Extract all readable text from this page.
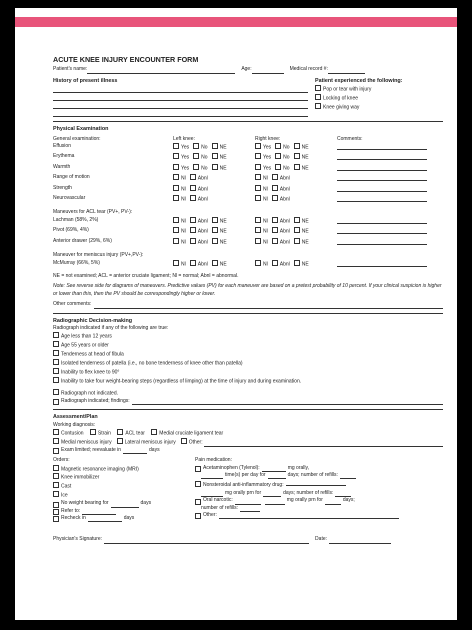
ACUTE KNEE INJURY ENCOUNTER FORM
Patient's name:	Age:	Medical record #:
History of present illness	Patient experienced the following:
Pop or tear with injury
Locking of knee
Knee giving way
Physical Examination
General examination:	Left knee:	Right knee:	Comments:
Effusion	Yes No NE	Yes No NE
Erythema	Yes No NE	Yes No NE
Warmth	Yes No NE	Yes No NE
Range of motion	Nl Abnl	Nl Abnl
Strength	Nl Abnl	Nl Abnl
Neurovascular	Nl Abnl	Nl Abnl
Maneuvers for ACL tear (PV+, PV-):
Lachman (58%, 2%)	Nl Abnl NE	Nl Abnl NE
Pivot (69%, 4%)	Nl Abnl NE	Nl Abnl NE
Anterior drawer (29%, 6%)	Nl Abnl NE	Nl Abnl NE
Maneuver for meniscus injury (PV+,PV-):
McMurray (66%, 5%)	Nl Abnl NE	Nl Abnl NE
NE = not examined; ACL = anterior cruciate ligament; Nl = normal; Abnl = abnormal.
Note: See reverse side for diagrams of maneuvers. Predictive values (PV) for each maneuver are based on a pretest probability of 10 percent. If your clinical suspicion is higher or lower than this, then the PV should be correspondingly higher or lower.
Other comments:
Radiographic Decision-making
Radiograph indicated if any of the following are true:
Age less than 12 years
Age 55 years or older
Tenderness at head of fibula
Isolated tenderness of patella (i.e., no bone tenderness of knee other than patella)
Inability to flex knee to 90°
Inability to take four weight-bearing steps (regardless of limping) at the time of injury and during examination.
Radiograph not indicated.
Radiograph indicated; findings:
Assessment/Plan
Working diagnosis:
Contusion	Strain	ACL tear	Medial cruciate ligament tear
Medial meniscus injury	Lateral meniscus injury	Other:
Exam limited; reevaluate in	days
Orders:
Magnetic resonance imaging (MRI)
Knee immobilizer
Cast
Ice
No weight bearing for	days
Refer to:
Recheck in	days
Pain medication:
Acetaminophen (Tylenol):	mg orally,
time(s) per day for	days; number of refills:
Nonsteroidal anti-inflammatory drug:
mg orally prn for	days; number of refills:
Oral narcotic:	mg orally prn for	days;
number of refills:
Other:
Physician's Signature:	Date:
